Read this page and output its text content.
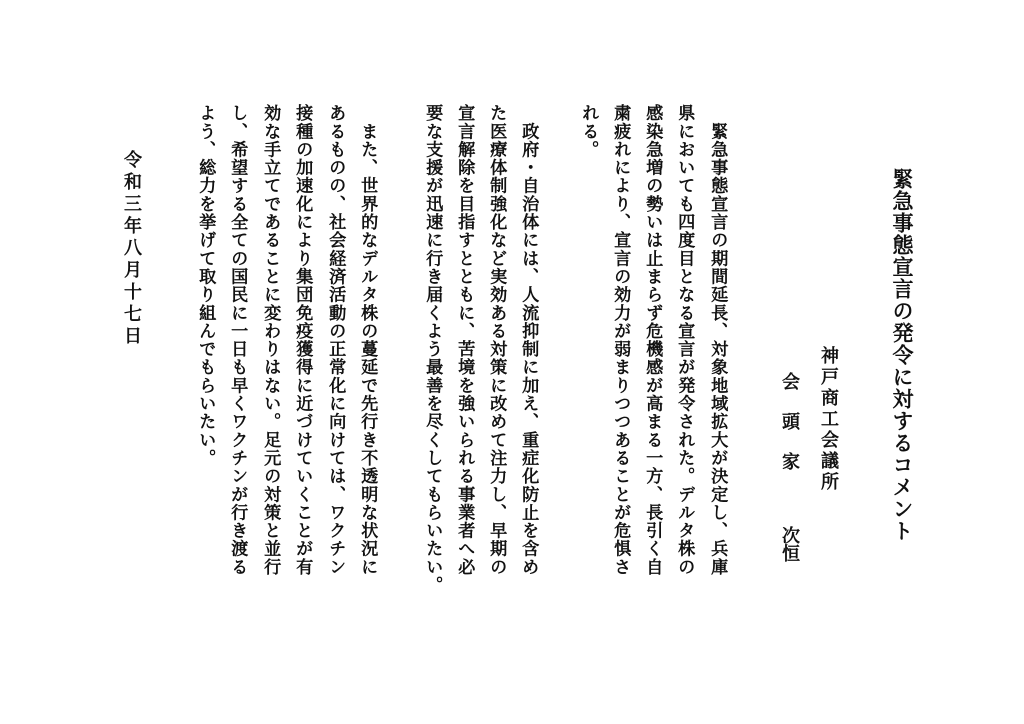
緊急事態宣言の発令に対するコメント
神戸商工会議所
会頭家次恒
　緊急事態宣言の期間延長、対象地域拡大が決定し、兵庫
県においても四度目となる宣言が発令された。デルタ株の
感染急増の勢いは止まらず危機感が高まる一方、長引く自
粛疲れにより、宣言の効力が弱まりつつあることが危惧さ
れる。
　政府・自治体には、人流抑制に加え、重症化防止を含め
た医療体制強化など実効ある対策に改めて注力し、早期の
宣言解除を目指すとともに、苦境を強いられる事業者へ必
要な支援が迅速に行き届くよう最善を尽くしてもらいたい。
　また、世界的なデルタ株の蔓延で先行き不透明な状況に
あるものの、社会経済活動の正常化に向けては、ワクチン
接種の加速化により集団免疫獲得に近づけていくことが有
効な手立てであることに変わりはない。足元の対策と並行
し、希望する全ての国民に一日も早くワクチンが行き渡る
よう、総力を挙げて取り組んでもらいたい。
令和三年八月十七日
